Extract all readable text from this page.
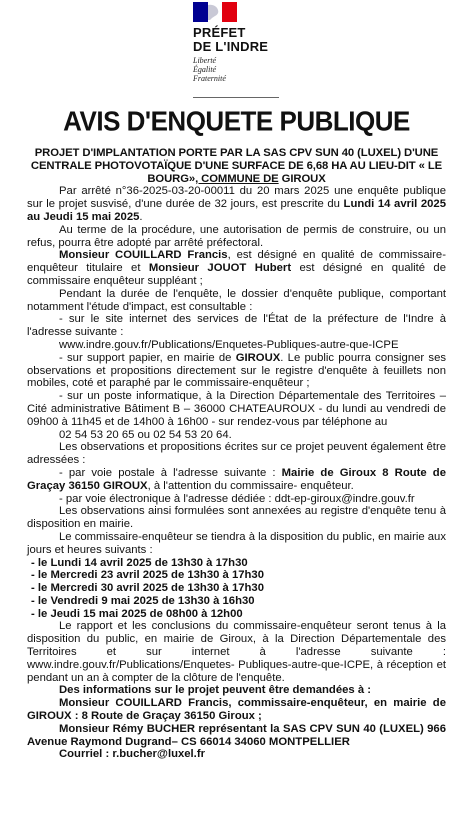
PRÉFET
DE L'INDRE
Liberté
Égalité
Fraternité
AVIS D'ENQUETE PUBLIQUE
PROJET D'IMPLANTATION PORTE PAR LA SAS CPV SUN 40 (LUXEL) D'UNE
CENTRALE PHOTOVOTAÏQUE D'UNE SURFACE DE 6,68 HA AU LIEU-DIT « LE
BOURG», COMMUNE DE GIROUX

Par arrêté n°36-2025-03-20-00011 du 20 mars 2025 une enquête publique sur le projet susvisé, d'une durée de 32 jours, est prescrite du Lundi 14 avril 2025 au Jeudi 15 mai 2025.

Au terme de la procédure, une autorisation de permis de construire, ou un refus, pourra être adopté par arrêté préfectoral.

Monsieur COUILLARD Francis, est désigné en qualité de commissaire-enquêteur titulaire et Monsieur JOUOT Hubert est désigné en qualité de commissaire enquêteur suppléant ;

Pendant la durée de l'enquête, le dossier d'enquête publique, comportant notamment l'étude d'impact, est consultable :

- sur le site internet des services de l'État de la préfecture de l'Indre à l'adresse suivante :

www.indre.gouv.fr/Publications/Enquetes-Publiques-autre-que-ICPE

- sur support papier, en mairie de GIROUX. Le public pourra consigner ses observations et propositions directement sur le registre d'enquête à feuillets non mobiles, coté et paraphé par le commissaire-enquêteur ;

- sur un poste informatique, à la Direction Départementale des Territoires – Cité administrative Bâtiment B – 36000 CHATEAUROUX - du lundi au vendredi de 09h00 à 11h45 et de 14h00 à 16h00 - sur rendez-vous par téléphone au

02 54 53 20 65 ou 02 54 53 20 64.

Les observations et propositions écrites sur ce projet peuvent également être adressées :

- par voie postale à l'adresse suivante : Mairie de Giroux 8 Route de Graçay 36150 GIROUX, à l'attention du commissaire- enquêteur.

- par voie électronique à l'adresse dédiée : ddt-ep-giroux@indre.gouv.fr

Les observations ainsi formulées sont annexées au registre d'enquête tenu à disposition en mairie.

Le commissaire-enquêteur se tiendra à la disposition du public, en mairie aux jours et heures suivants :

- le Lundi 14 avril 2025 de 13h30 à 17h30
- le Mercredi 23 avril 2025 de 13h30 à 17h30
- le Mercredi 30 avril 2025 de 13h30 à 17h30
- le Vendredi 9 mai 2025 de 13h30 à 16h30
- le Jeudi 15 mai 2025 de 08h00 à 12h00

Le rapport et les conclusions du commissaire-enquêteur seront tenus à la disposition du public, en mairie de Giroux, à la Direction Départementale des Territoires et sur internet à l'adresse suivante : www.indre.gouv.fr/Publications/Enquetes- Publiques-autre-que-ICPE, à réception et pendant un an à compter de la clôture de l'enquête.

Des informations sur le projet peuvent être demandées à :

Monsieur COUILLARD Francis, commissaire-enquêteur, en mairie de GIROUX : 8 Route de Graçay 36150 Giroux ;

Monsieur Rémy BUCHER représentant la SAS CPV SUN 40 (LUXEL) 966 Avenue Raymond Dugrand– CS 66014 34060 MONTPELLIER

Courriel : r.bucher@luxel.fr
